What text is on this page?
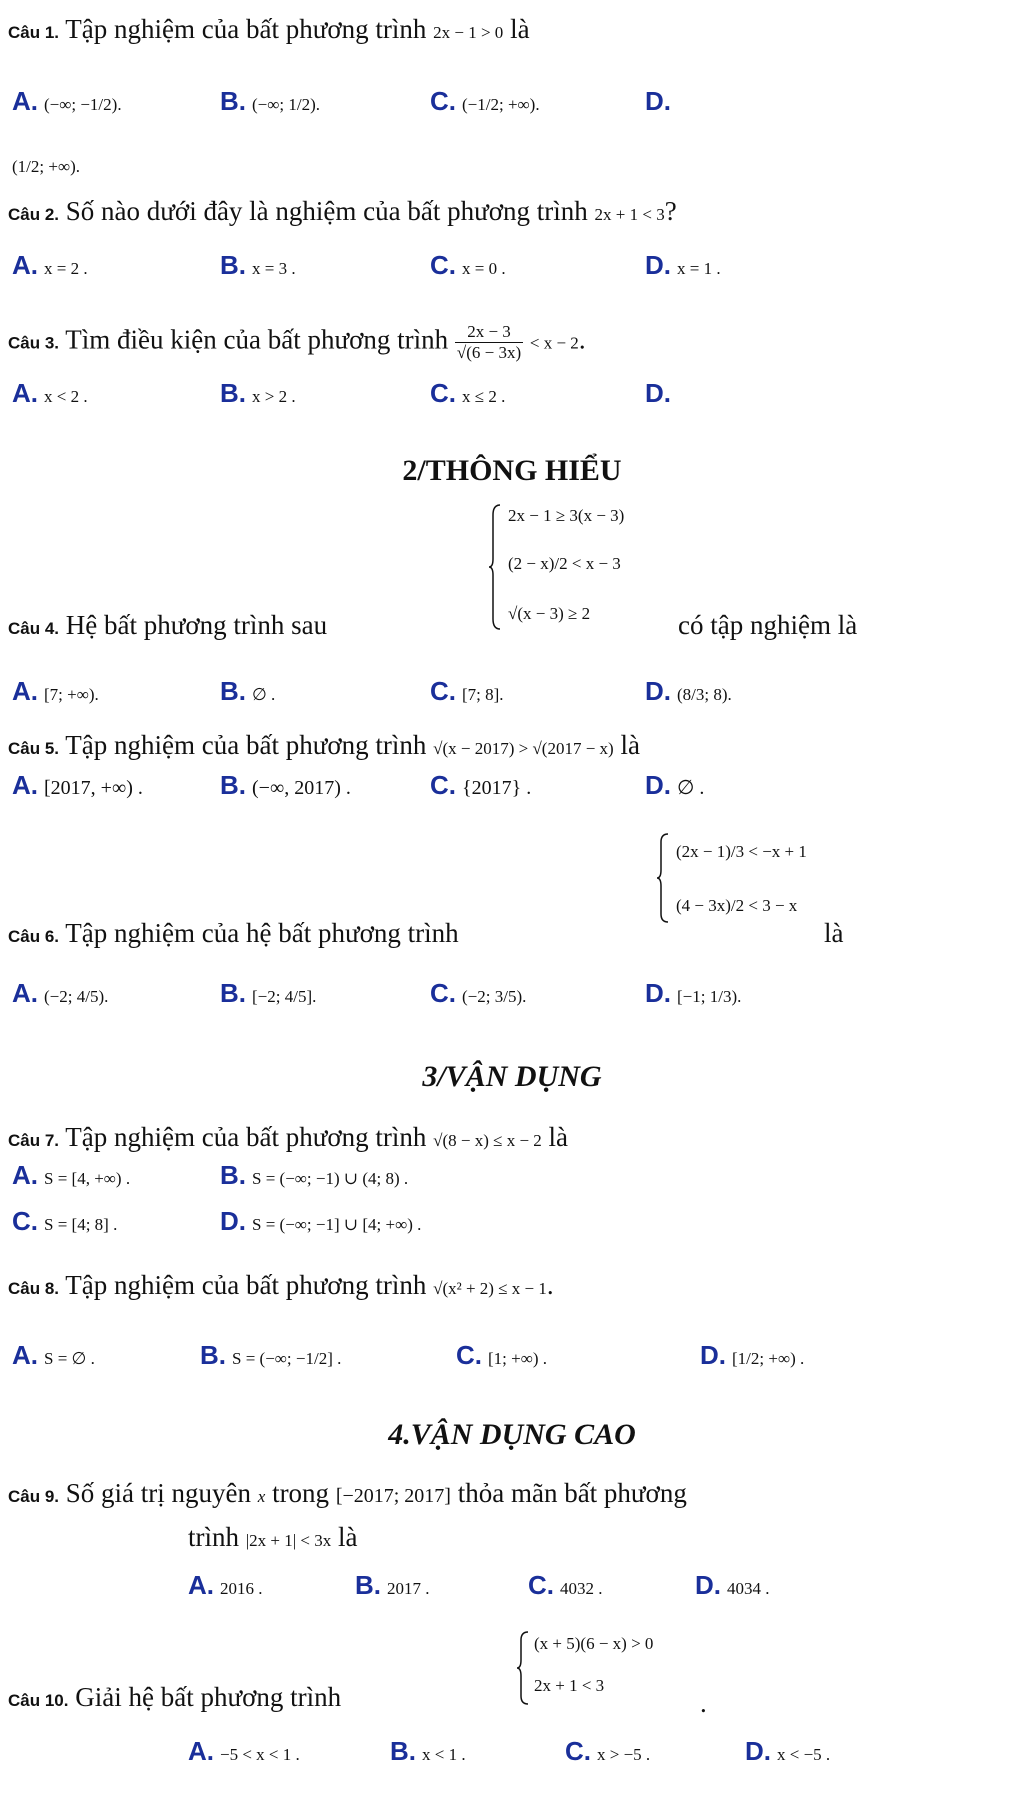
Câu 1. Tập nghiệm của bất phương trình 2x − 1 > 0 là
A. (−∞; −1/2).	B. (−∞; 1/2).	C. (−1/2; +∞).	D.
(1/2; +∞).
Câu 2. Số nào dưới đây là nghiệm của bất phương trình 2x + 1 < 3?
A. x = 2 .	B. x = 3 .	C. x = 0 .	D. x = 1 .
Câu 3. Tìm điều kiện của bất phương trình $\frac{2x - 3}{√(6 - 3x)} < x - 2$.
A. x < 2 .	B. x > 2 .	C. x ≤ 2 .	D.
2/THÔNG HIỂU
2x − 1 ≥ 3(x − 3)
(2 − x)/2 < x − 3
√(x − 3) ≥ 2
Câu 4. Hệ bất phương trình sau	có tập nghiệm là
A. [7; +∞).	B. ∅ .	C. [7; 8].	D. (8/3; 8).
Câu 5. Tập nghiệm của bất phương trình √(x − 2017) > √(2017 − x) là
A. [2017, +∞) .	B. (−∞, 2017) .	C. {2017} .	D. ∅ .
(2x − 1)/3 < −x + 1
(4 − 3x)/2 < 3 − x
Câu 6. Tập nghiệm của hệ bất phương trình	là
A. (−2; 4/5).	B. [−2; 4/5].	C. (−2; 3/5).	D. [−1; 1/3).
3/VẬN DỤNG
Câu 7. Tập nghiệm của bất phương trình √(8 − x) ≤ x − 2 là
A. S = [4, +∞) .	B. S = (−∞; −1) ∪ (4; 8) .
C. S = [4; 8] .	D. S = (−∞; −1] ∪ [4; +∞) .
Câu 8. Tập nghiệm của bất phương trình √(x² + 2) ≤ x − 1.
A. S = ∅ .	B. S = (−∞; −1/2] .	C. [1; +∞) .	D. [1/2; +∞) .
4.VẬN DỤNG CAO
Câu 9. Số giá trị nguyên x trong [−2017; 2017] thỏa mãn bất phương
trình |2x + 1| < 3x là
A. 2016 .	B. 2017 .	C. 4032 .	D. 4034 .
(x + 5)(6 − x) > 0
2x + 1 < 3
Câu 10. Giải hệ bất phương trình	.
A. −5 < x < 1 .	B. x < 1 .	C. x > −5 .	D. x < −5 .
